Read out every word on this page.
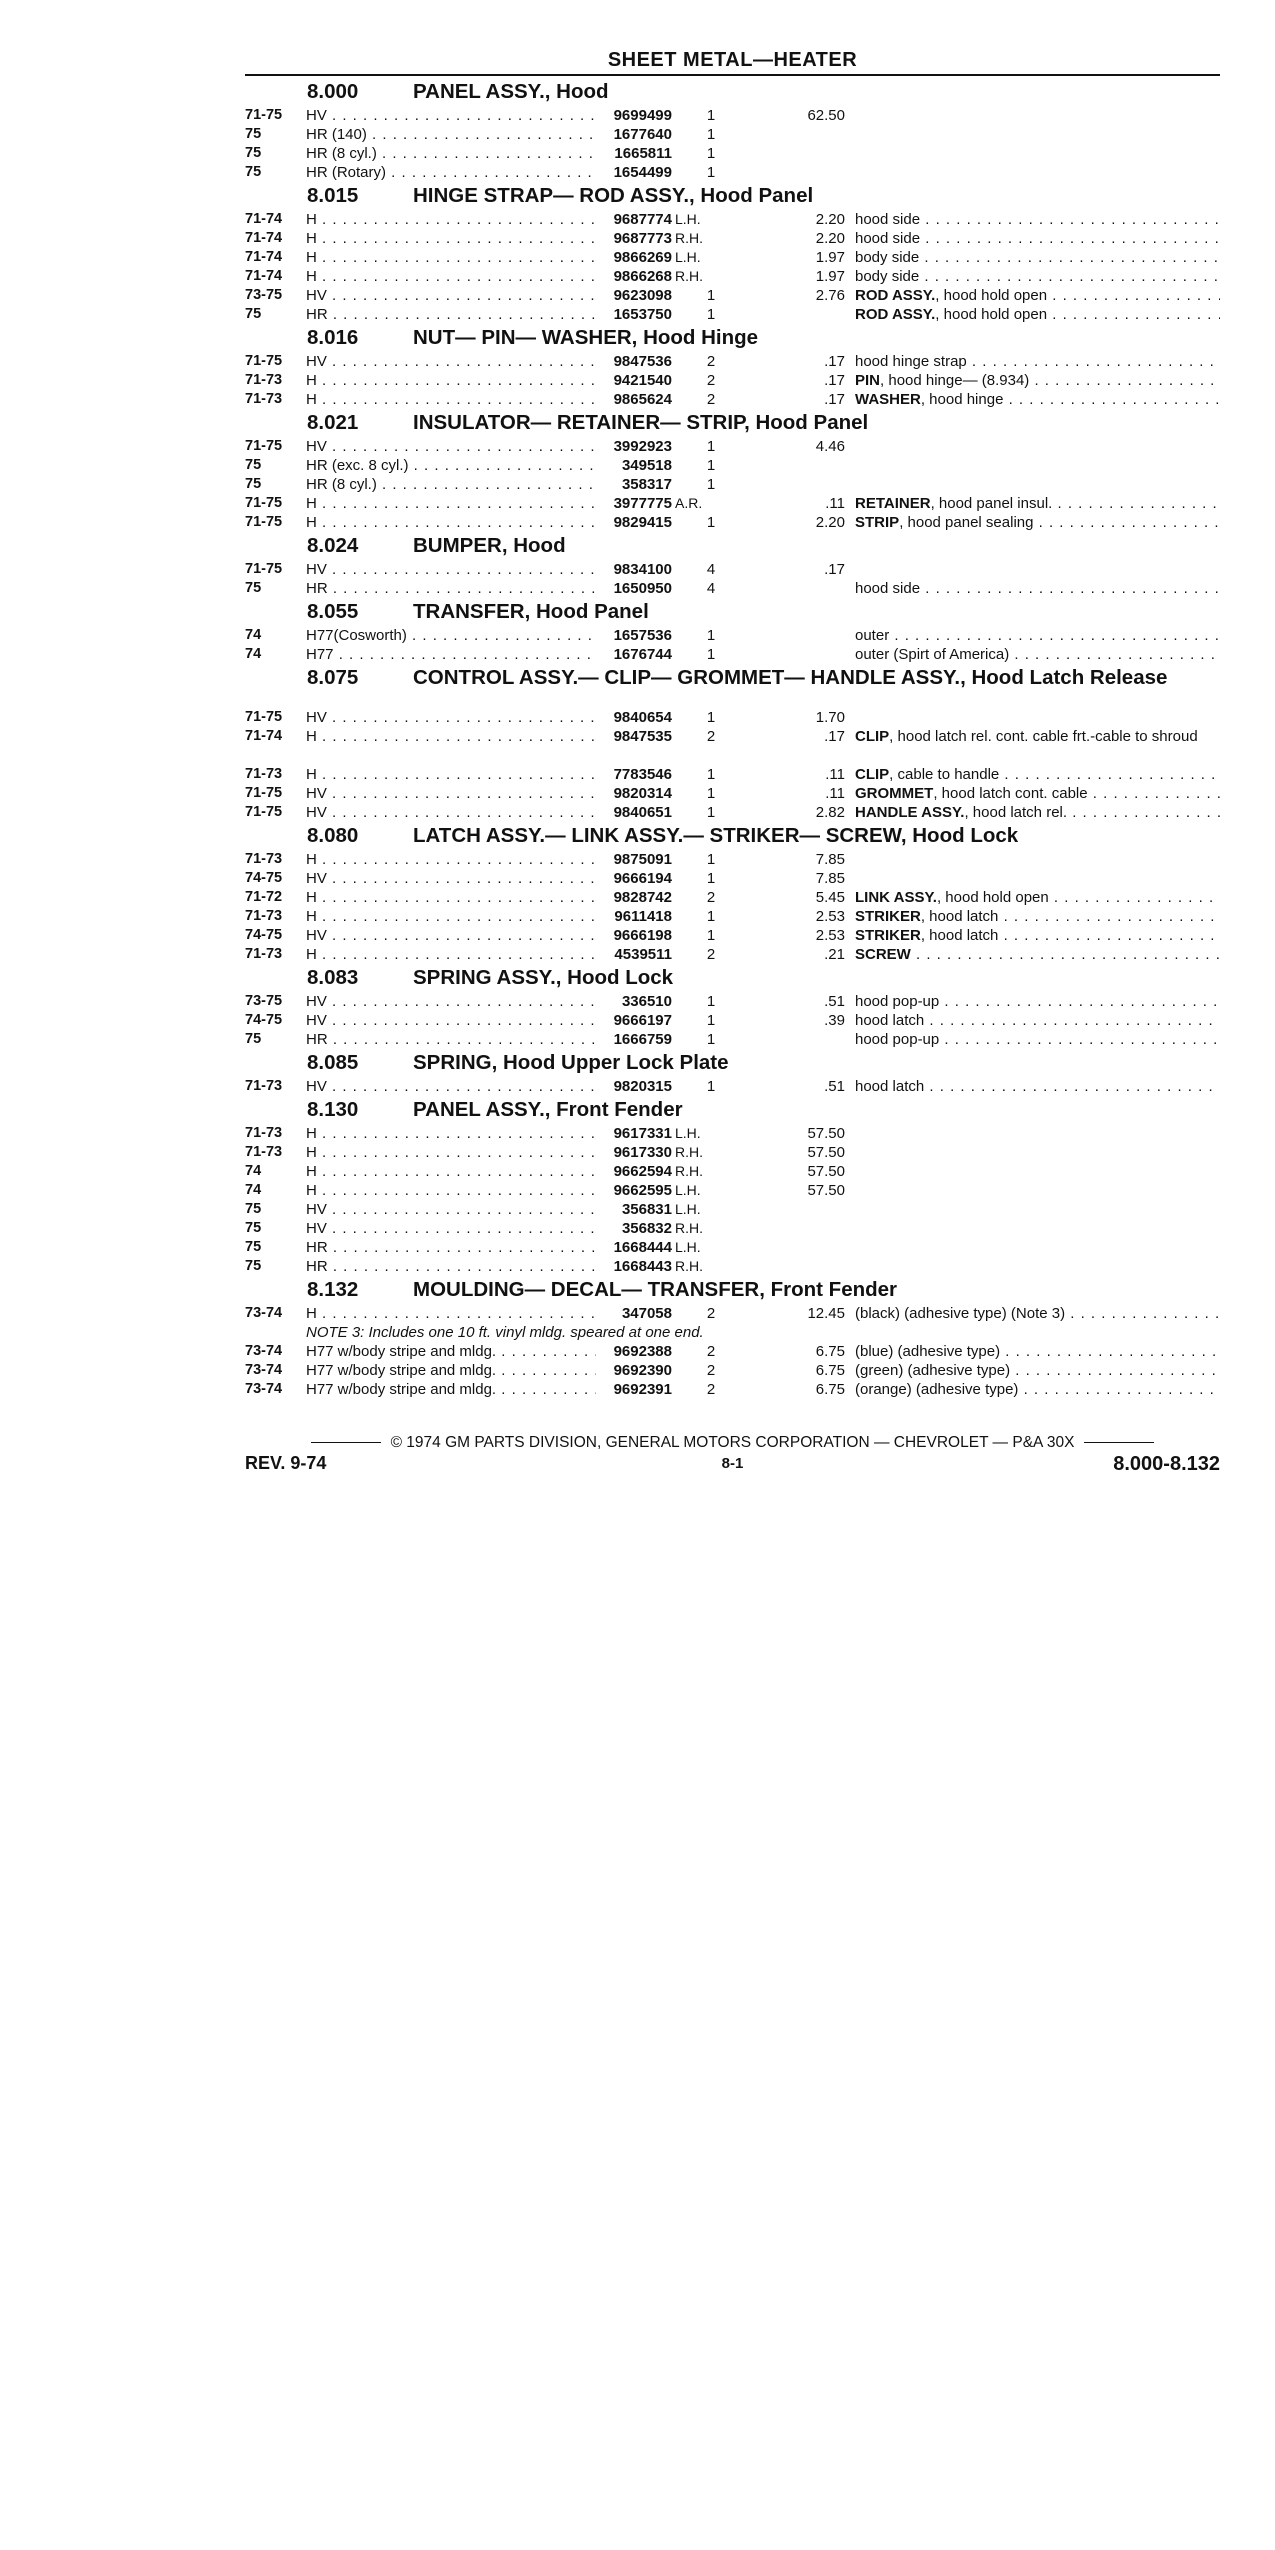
SHEET METAL—HEATER
8.000	PANEL ASSY., Hood
71-75 HV . . .	9699499	1	62.50
75	HR (140) . . .	1677640	1
75	HR (8 cyl.) . . .	1665811	1
75	HR (Rotary) . . .	1654499	1
8.015	HINGE STRAP— ROD ASSY., Hood Panel
71-74 H . . .	9687774 L.H.	2.20 hood side . . .
71-74 H . . .	9687773 R.H.	2.20 hood side . . .
71-74 H . . .	9866269 L.H.	1.97 body side . . .
71-74 H . . .	9866268 R.H.	1.97 body side . . .
73-75 HV . . .	9623098	1	2.76 ROD ASSY., hood hold open . . .
75	HR . . .	1653750	1	ROD ASSY., hood hold open . . .
8.016	NUT— PIN— WASHER, Hood Hinge
71-75 HV . . .	9847536	2	.17 hood hinge strap . . .
71-73 H . . .	9421540	2	.17 PIN, hood hinge— (8.934) . . .
71-73 H . . .	9865624	2	.17 WASHER, hood hinge . . .
8.021	INSULATOR— RETAINER— STRIP, Hood Panel
71-75 HV . . .	3992923	1	4.46
75	HR (exc. 8 cyl.) . . .	349518	1
75	HR (8 cyl.) . . .	358317	1
71-75 H . . .	3977775 A.R.	.11 RETAINER, hood panel insul. . . .
71-75 H . . .	9829415	1	2.20 STRIP, hood panel sealing . . .
8.024	BUMPER, Hood
71-75 HV . . .	9834100	4	.17
75	HR . . .	1650950	4	hood side . . .
8.055	TRANSFER, Hood Panel
74	H77(Cosworth) . . .	1657536	1	outer . . .
74	H77 . . .	1676744	1	outer (Spirt of America) . . .
8.075	CONTROL ASSY.— CLIP— GROMMET— HANDLE ASSY., Hood Latch Release
71-75 HV . . .	9840654	1	1.70
71-74 H . . .	9847535	2	.17 CLIP, hood latch rel. cont. cable frt.-cable to shroud
71-73 H . . .	7783546	1	.11 CLIP, cable to handle . . .
71-75 HV . . .	9820314	1	.11 GROMMET, hood latch cont. cable . . .
71-75 HV . . .	9840651	1	2.82 HANDLE ASSY., hood latch rel. . . .
8.080	LATCH ASSY.— LINK ASSY.— STRIKER— SCREW, Hood Lock
71-73 H . . .	9875091	1	7.85
74-75 HV . . .	9666194	1	7.85
71-72 H . . .	9828742	2	5.45 LINK ASSY., hood hold open . . .
71-73 H . . .	9611418	1	2.53 STRIKER, hood latch . . .
74-75 HV . . .	9666198	1	2.53 STRIKER, hood latch . . .
71-73 H . . .	4539511	2	.21 SCREW . . .
8.083	SPRING ASSY., Hood Lock
73-75 HV . . .	336510	1	.51 hood pop-up . . .
74-75 HV . . .	9666197	1	.39 hood latch . . .
75	HR . . .	1666759	1	hood pop-up . . .
8.085	SPRING, Hood Upper Lock Plate
71-73 HV . . .	9820315	1	.51 hood latch . . .
8.130	PANEL ASSY., Front Fender
71-73 H . . .	9617331 L.H.	57.50
71-73 H . . .	9617330 R.H.	57.50
74	H . . .	9662594 R.H.	57.50
74	H . . .	9662595 L.H.	57.50
75	HV . . .	356831 L.H.
75	HV . . .	356832 R.H.
75	HR . . .	1668444 L.H.
75	HR . . .	1668443 R.H.
8.132	MOULDING— DECAL— TRANSFER, Front Fender
73-74 H . . .	347058	2	12.45 (black) (adhesive type) (Note 3) . . .
NOTE 3: Includes one 10 ft. vinyl mldg. speared at one end.
73-74 H77 w/body stripe and mldg. . . .	9692388	2	6.75 (blue) (adhesive type) . . .
73-74 H77 w/body stripe and mldg. . . .	9692390	2	6.75 (green) (adhesive type) . . .
73-74 H77 w/body stripe and mldg. . . .	9692391	2	6.75 (orange) (adhesive type) . . .
© 1974 GM PARTS DIVISION, GENERAL MOTORS CORPORATION — CHEVROLET — P&A 30X
REV. 9-74	8-1	8.000-8.132
